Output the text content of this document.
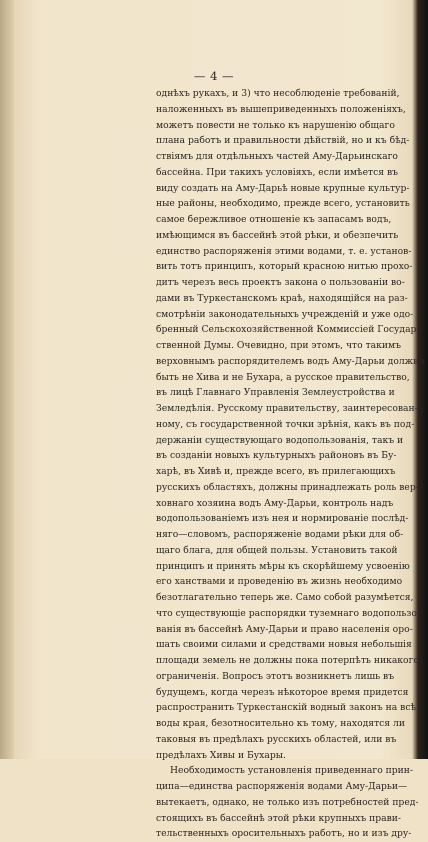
— 4 —
однѣхъ рукахъ, и 3) что несоблюденіе требованій,
наложенныхъ въ вышеприведенныхъ положеніяхъ,
можетъ повести не только къ нарушенію общаго
плана работъ и правильности дѣйствій, но и къ бѣд-
ствіямъ для отдѣльныхъ частей Аму-Дарьинскаго
бассейна. При такихъ условіяхъ, если имѣется въ
виду создать на Аму-Дарьѣ новые крупные культур-
ные районы, необходимо, прежде всего, установить
самое бережливое отношеніе къ запасамъ водъ,
имѣющимся въ бассейнѣ этой рѣки, и обезпечить
единство распоряженія этими водами, т. е. установ-
вить тотъ принципъ, который красною нитью прохо-
дитъ черезъ весь проектъ закона о пользованіи во-
дами въ Туркестанскомъ краѣ, находящійся на раз-
смотрѣніи законодательныхъ учрежденій и уже одо-
бренный Сельскохозяйственной Коммиссіей Государ-
ственной Думы. Очевидно, при этомъ, что такимъ
верховнымъ распорядителемъ водъ Аму-Дарьи должна
быть не Хива и не Бухара, а русское правительство,
въ лицѣ Главнаго Управленія Землеустройства и
Земледѣлія. Русскому правительству, заинтересован-
ному, съ государственной точки зрѣнія, какъ въ под-
держаніи существующаго водопользованія, такъ и
въ созданіи новыхъ культурныхъ районовъ въ Бу-
харѣ, въ Хивѣ и, прежде всего, въ прилегающихъ
русскихъ областяхъ, должны принадлежать роль вер-
ховнаго хозяина водъ Аму-Дарьи, контроль надъ
водопользованіемъ изъ нея и нормированіе послѣд-
няго—словомъ, распоряженіе водами рѣки для об-
щаго блага, для общей пользы. Установить такой
принципъ и принять мѣры къ скорѣйшему усвоенію
его ханствами и проведенію въ жизнь необходимо
безотлагательно теперь же. Само собой разумѣется,
что существующіе распорядки туземнаго водопользо-
ванія въ бассейнѣ Аму-Дарьи и право населенія оро-
шать своими силами и средствами новыя небольшія
площади земель не должны пока потерпѣть никакого
ограниченія. Вопросъ этотъ возникнетъ лишь въ
будущемъ, когда черезъ нѣкоторое время придется
распространить Туркестанскій водный законъ на всѣ
воды края, безотносительно къ тому, находятся ли
таковыя въ предѣлахъ русскихъ областей, или въ
предѣлахъ Хивы и Бухары.
Необходимость установленія приведеннаго прин-
ципа—единства распоряженія водами Аму-Дарьи—
вытекаетъ, однако, не только изъ потребностей пред-
стоящихъ въ бассейнѣ этой рѣки крупныхъ прави-
тельственныхъ оросительныхъ работъ, но и изъ дру-
